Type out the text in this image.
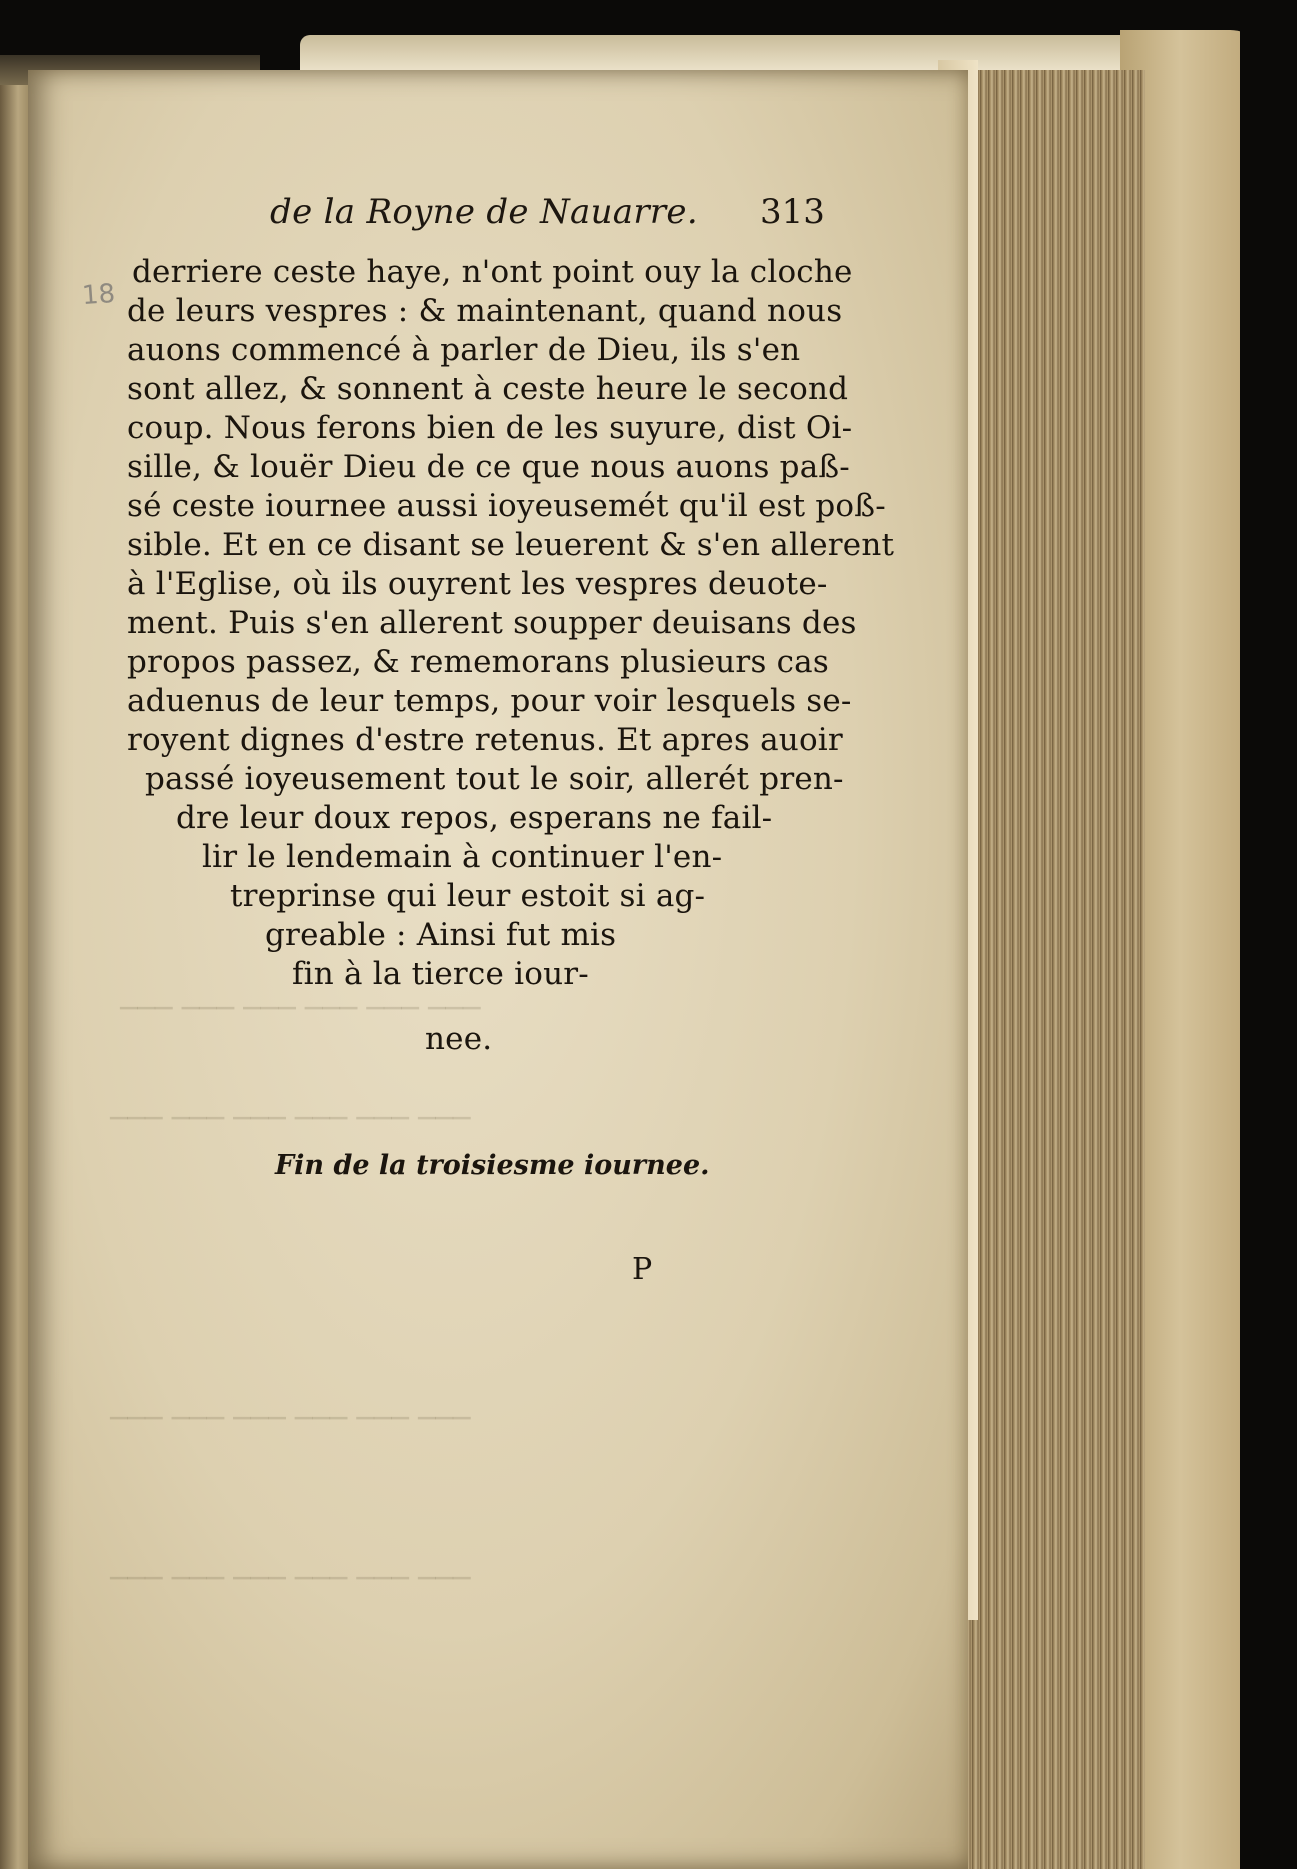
─── ─── ─── ─── ─── ───
─── ─── ─── ─── ─── ───
─── ─── ─── ─── ─── ───
─── ─── ─── ─── ─── ───
de la Royne de Nauarre. 313
18
derriere ceste haye, n'ont point ouy la cloche
de leurs vespres : & maintenant, quand nous
auons commencé à parler de Dieu, ils s'en
sont allez, & sonnent à ceste heure le second
coup. Nous ferons bien de les suyure, dist Oi-
sille, & louër Dieu de ce que nous auons paß-
sé ceste iournee aussi ioyeusemét qu'il est poß-
sible. Et en ce disant se leuerent & s'en allerent
à l'Eglise, où ils ouyrent les vespres deuote-
ment. Puis s'en allerent soupper deuisans des
propos passez, & rememorans plusieurs cas
aduenus de leur temps, pour voir lesquels se-
royent dignes d'estre retenus. Et apres auoir
passé ioyeusement tout le soir, allerét pren-
dre leur doux repos, esperans ne fail-
lir le lendemain à continuer l'en-
treprinse qui leur estoit si ag-
greable : Ainsi fut mis
fin à la tierce iour-
nee.
Fin de la troisiesme iournee.
P
